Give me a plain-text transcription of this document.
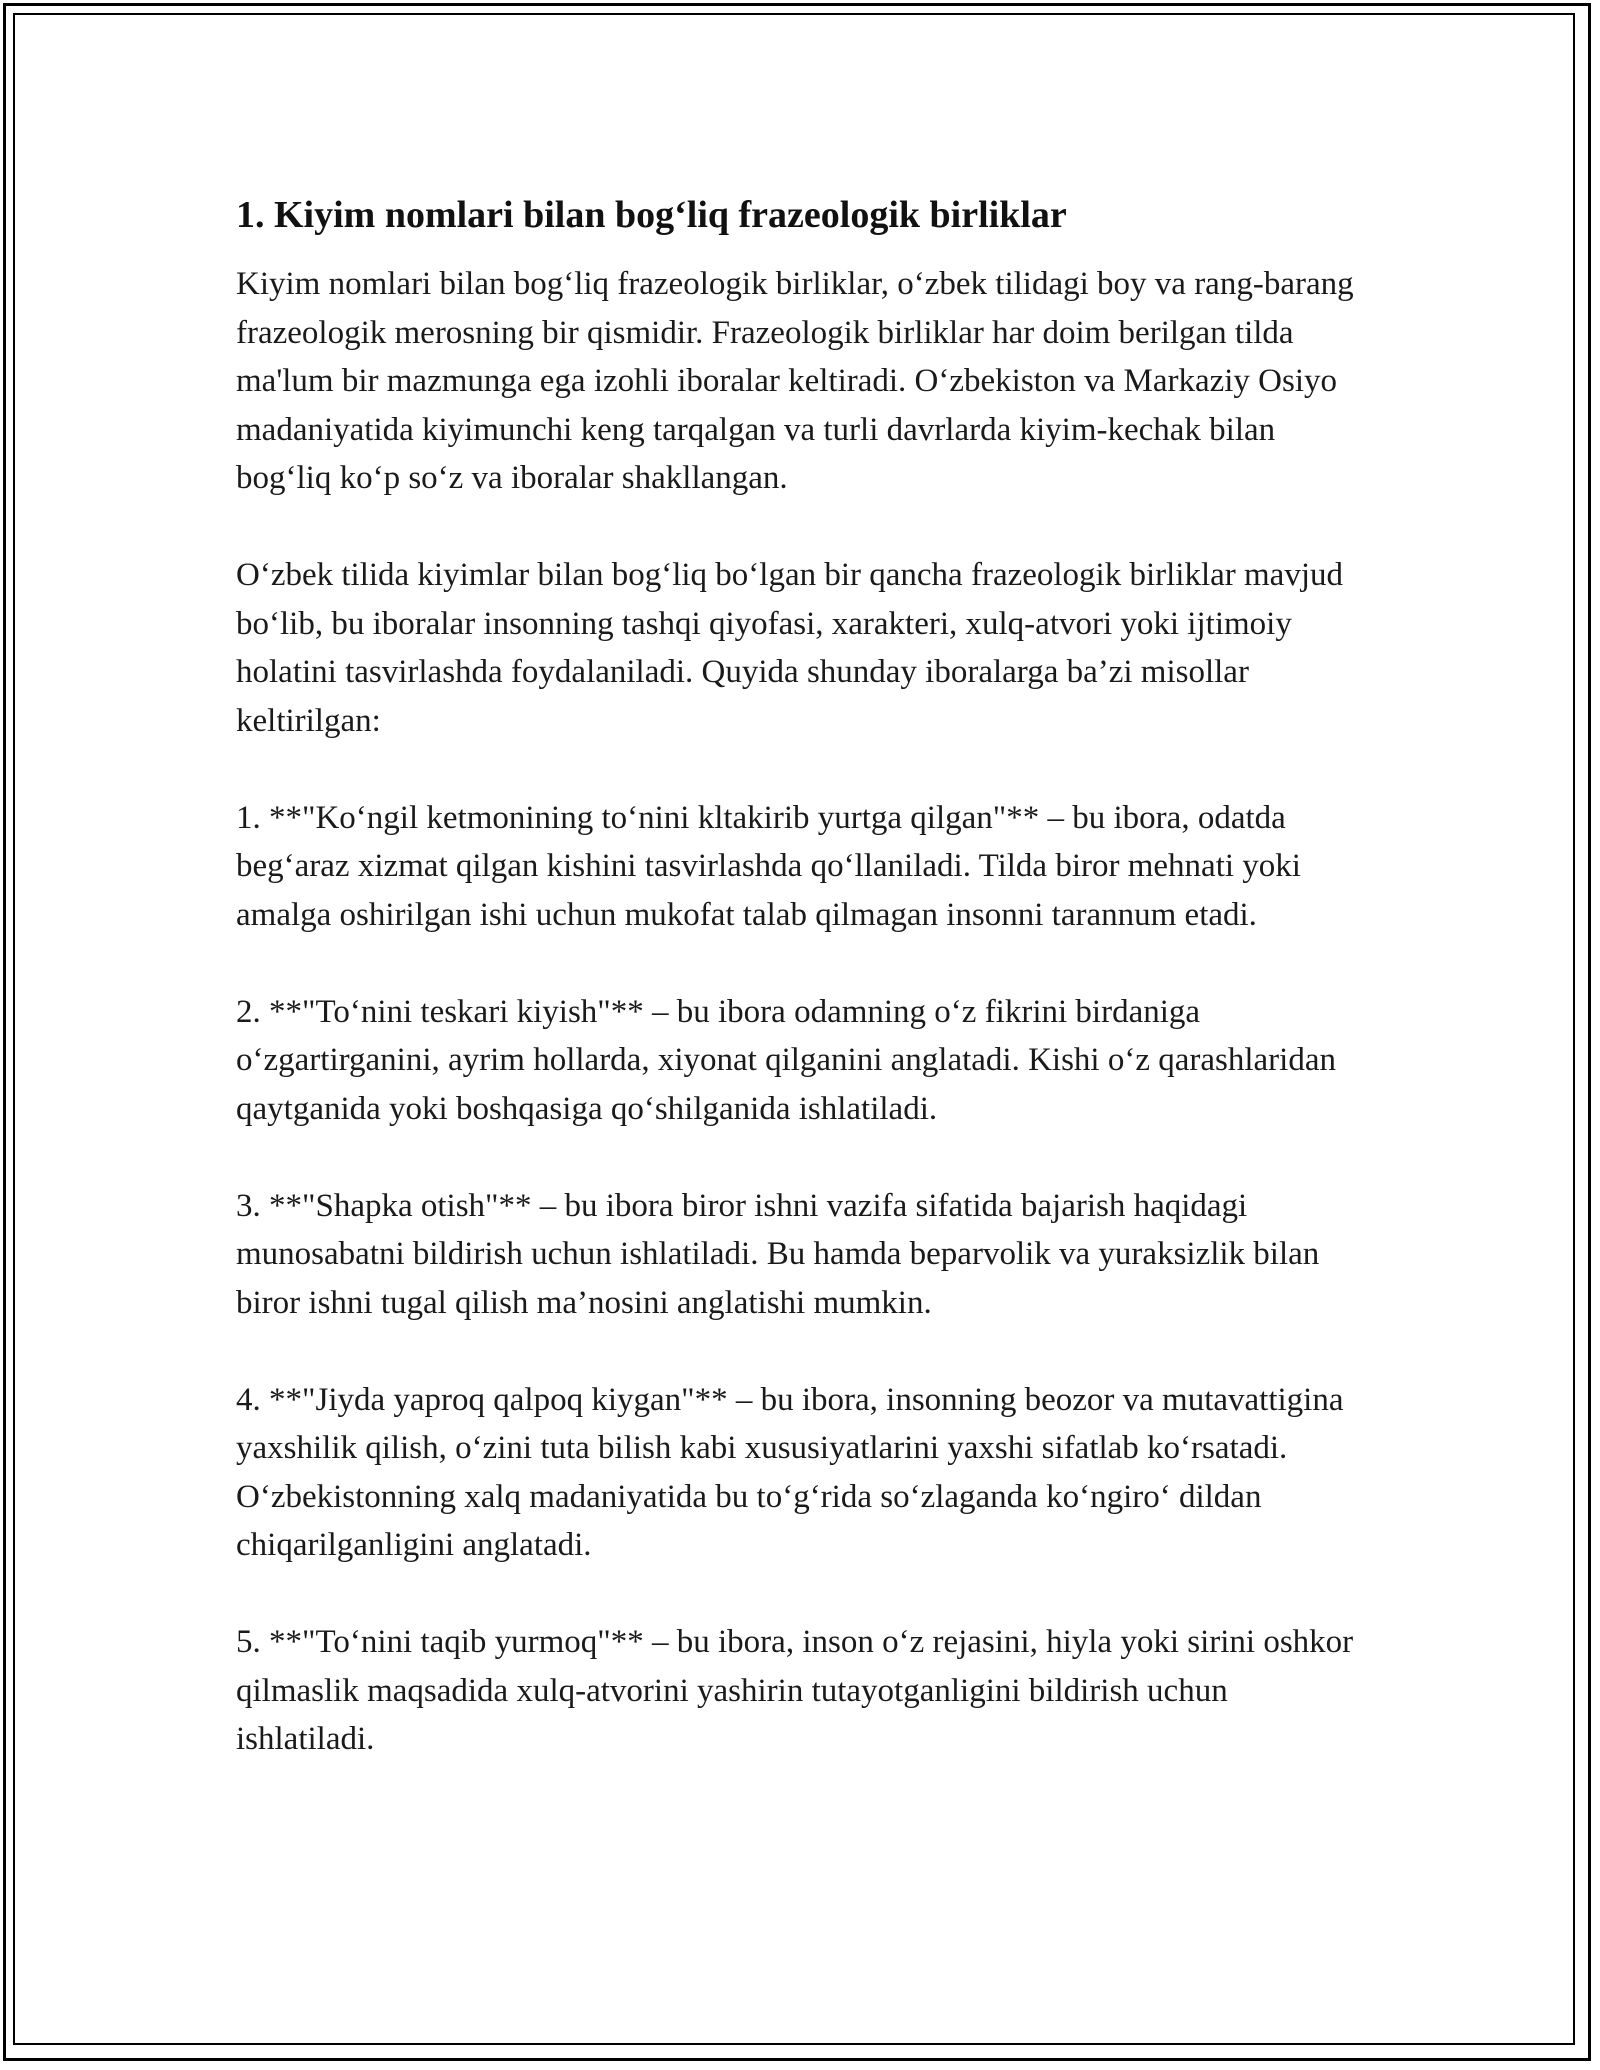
1. Kiyim nomlari bilan bog‘liq frazeologik birliklar

Kiyim nomlari bilan bog‘liq frazeologik birliklar, o‘zbek tilidagi boy va rang-barang frazeologik merosning bir qismidir. Frazeologik birliklar har doim berilgan tilda ma'lum bir mazmunga ega izohli iboralar keltiradi. O‘zbekiston va Markaziy Osiyo madaniyatida kiyimunchi keng tarqalgan va turli davrlarda kiyim-kechak bilan bog‘liq ko‘p so‘z va iboralar shakllangan.

O‘zbek tilida kiyimlar bilan bog‘liq bo‘lgan bir qancha frazeologik birliklar mavjud bo‘lib, bu iboralar insonning tashqi qiyofasi, xarakteri, xulq-atvori yoki ijtimoiy holatini tasvirlashda foydalaniladi. Quyida shunday iboralarga ba’zi misollar keltirilgan:

1. **"Ko‘ngil ketmonining to‘nini kltakirib yurtga qilgan"** – bu ibora, odatda beg‘araz xizmat qilgan kishini tasvirlashda qo‘llaniladi. Tilda biror mehnati yoki amalga oshirilgan ishi uchun mukofat talab qilmagan insonni tarannum etadi.

2. **"To‘nini teskari kiyish"** – bu ibora odamning o‘z fikrini birdaniga o‘zgartirganini, ayrim hollarda, xiyonat qilganini anglatadi. Kishi o‘z qarashlaridan qaytganida yoki boshqasiga qo‘shilganida ishlatiladi.

3. **"Shapka otish"** – bu ibora biror ishni vazifa sifatida bajarish haqidagi munosabatni bildirish uchun ishlatiladi. Bu hamda beparvolik va yuraksizlik bilan biror ishni tugal qilish ma’nosini anglatishi mumkin.

4. **"Jiyda yaproq qalpoq kiygan"** – bu ibora, insonning beozor va mutavattigina yaxshilik qilish, o‘zini tuta bilish kabi xususiyatlarini yaxshi sifatlab ko‘rsatadi. O‘zbekistonning xalq madaniyatida bu to‘g‘rida so‘zlaganda ko‘ngiro‘ dildan chiqarilganligini anglatadi.

5. **"To‘nini taqib yurmoq"** – bu ibora, inson o‘z rejasini, hiyla yoki sirini oshkor qilmaslik maqsadida xulq-atvorini yashirin tutayotganligini bildirish uchun ishlatiladi.
